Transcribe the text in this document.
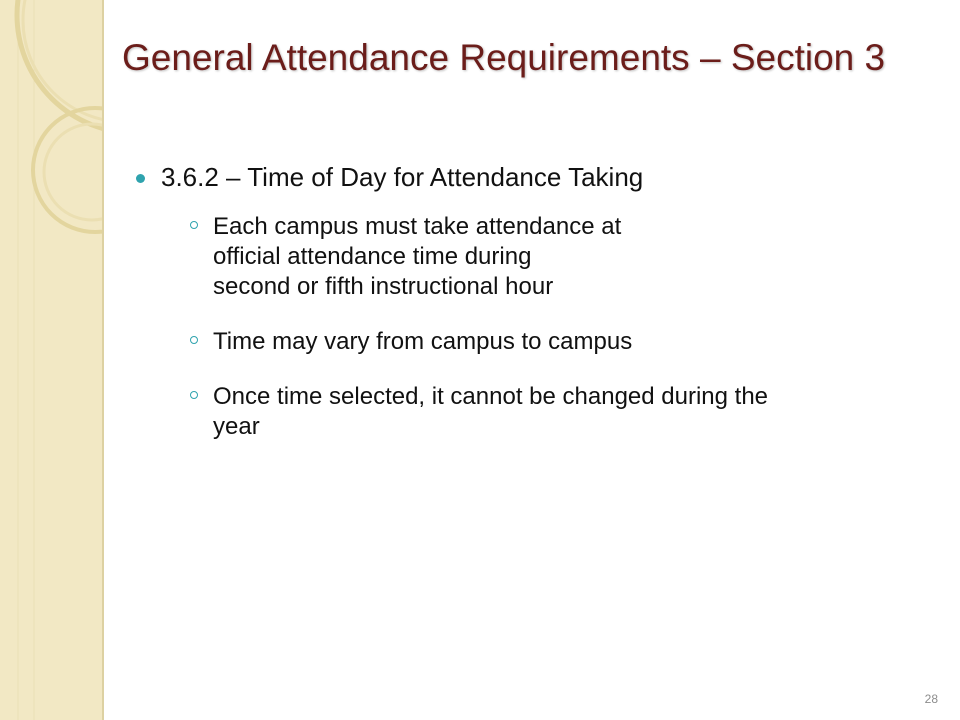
General Attendance Requirements – Section 3
3.6.2 – Time of Day for Attendance Taking
Each campus must take attendance at
official attendance time during
second or fifth instructional hour
Time may vary from campus to campus
Once time selected, it cannot be changed during the
year
28
